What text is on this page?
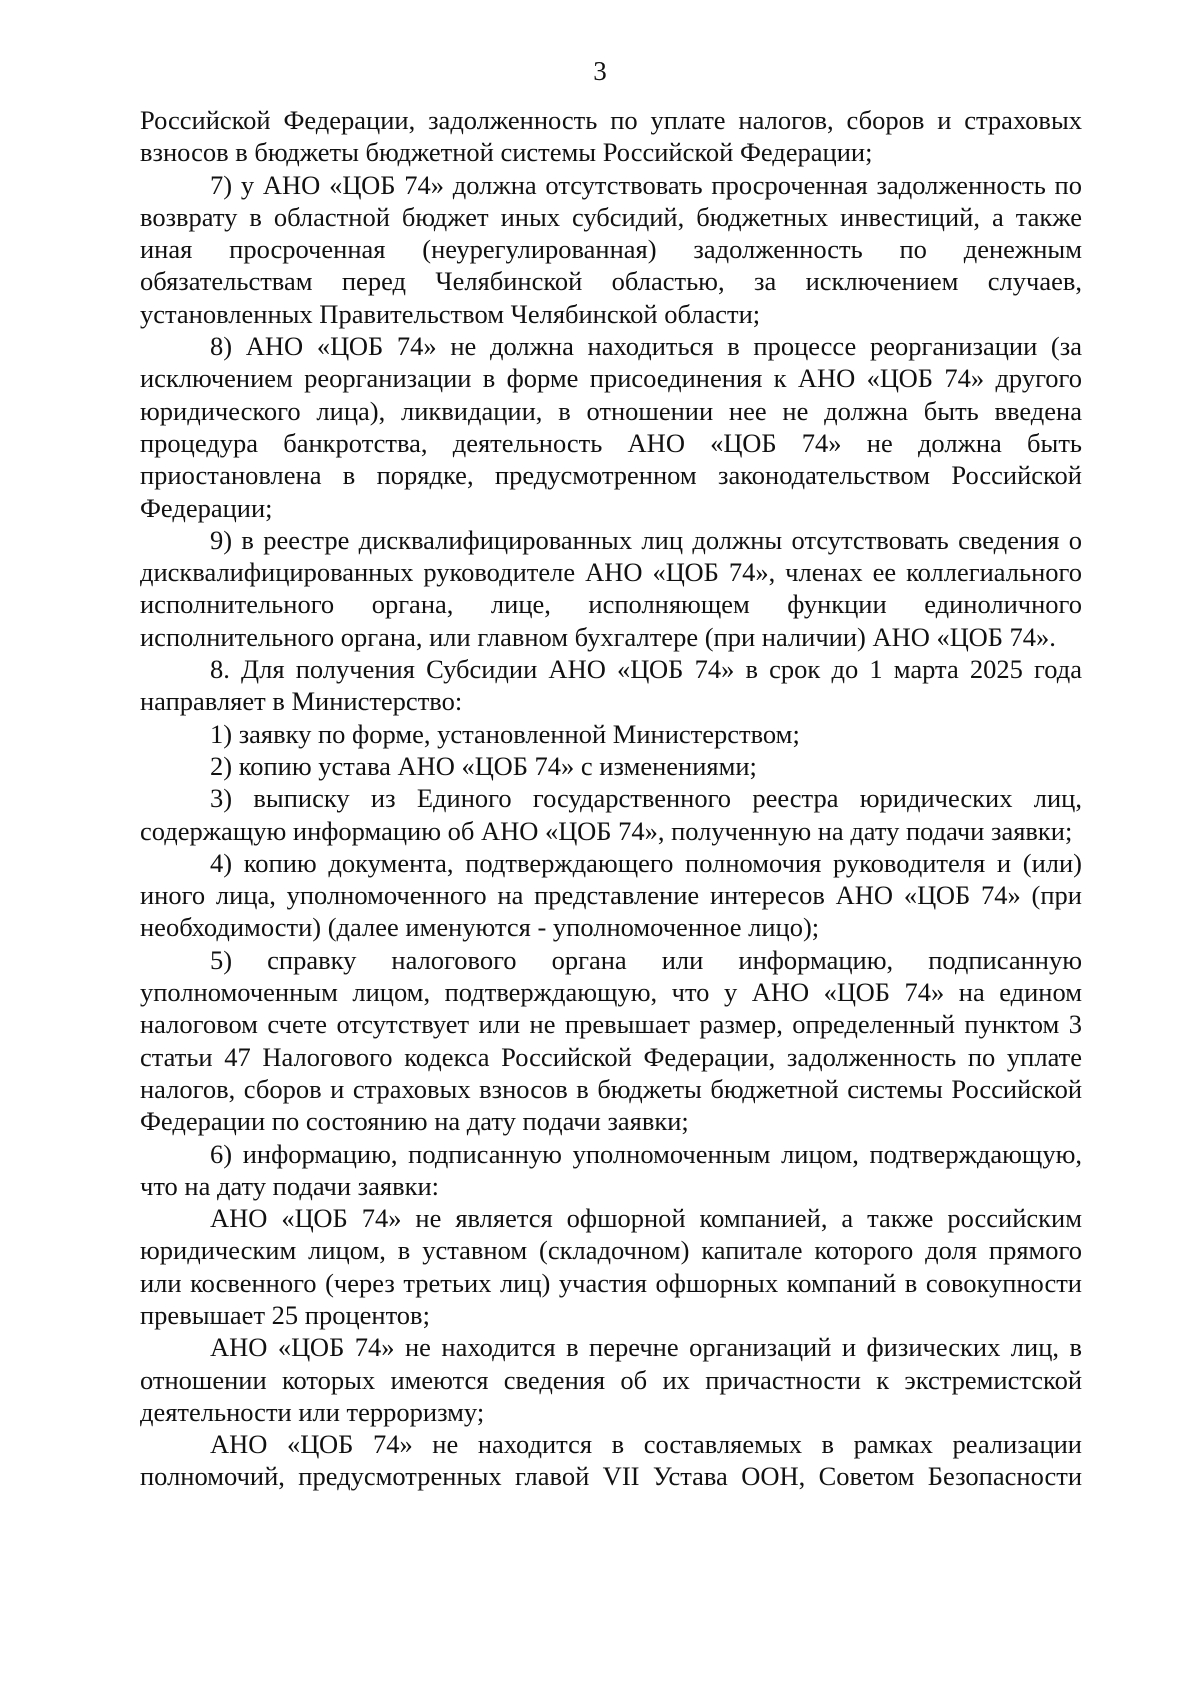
3

Российской Федерации, задолженность по уплате налогов, сборов и страховых взносов в бюджеты бюджетной системы Российской Федерации;

7) у АНО «ЦОБ 74» должна отсутствовать просроченная задолженность по возврату в областной бюджет иных субсидий, бюджетных инвестиций, а также иная просроченная (неурегулированная) задолженность по денежным обязательствам перед Челябинской областью, за исключением случаев, установленных Правительством Челябинской области;

8) АНО «ЦОБ 74» не должна находиться в процессе реорганизации (за исключением реорганизации в форме присоединения к АНО «ЦОБ 74» другого юридического лица), ликвидации, в отношении нее не должна быть введена процедура банкротства, деятельность АНО «ЦОБ 74» не должна быть приостановлена в порядке, предусмотренном законодательством Российской Федерации;

9) в реестре дисквалифицированных лиц должны отсутствовать сведения о дисквалифицированных руководителе АНО «ЦОБ 74», членах ее коллегиального исполнительного органа, лице, исполняющем функции единоличного исполнительного органа, или главном бухгалтере (при наличии) АНО «ЦОБ 74».

8. Для получения Субсидии АНО «ЦОБ 74» в срок до 1 марта 2025 года направляет в Министерство:

1) заявку по форме, установленной Министерством;

2) копию устава АНО «ЦОБ 74» с изменениями;

3) выписку из Единого государственного реестра юридических лиц, содержащую информацию об АНО «ЦОБ 74», полученную на дату подачи заявки;

4) копию документа, подтверждающего полномочия руководителя и (или) иного лица, уполномоченного на представление интересов АНО «ЦОБ 74» (при необходимости) (далее именуются - уполномоченное лицо);

5) справку налогового органа или информацию, подписанную уполномоченным лицом, подтверждающую, что у АНО «ЦОБ 74» на едином налоговом счете отсутствует или не превышает размер, определенный пунктом 3 статьи 47 Налогового кодекса Российской Федерации, задолженность по уплате налогов, сборов и страховых взносов в бюджеты бюджетной системы Российской Федерации по состоянию на дату подачи заявки;

6) информацию, подписанную уполномоченным лицом, подтверждающую, что на дату подачи заявки:

АНО «ЦОБ 74» не является офшорной компанией, а также российским юридическим лицом, в уставном (складочном) капитале которого доля прямого или косвенного (через третьих лиц) участия офшорных компаний в совокупности превышает 25 процентов;

АНО «ЦОБ 74» не находится в перечне организаций и физических лиц, в отношении которых имеются сведения об их причастности к экстремистской деятельности или терроризму;

АНО «ЦОБ 74» не находится в составляемых в рамках реализации полномочий, предусмотренных главой VII Устава ООН, Советом Безопасности
